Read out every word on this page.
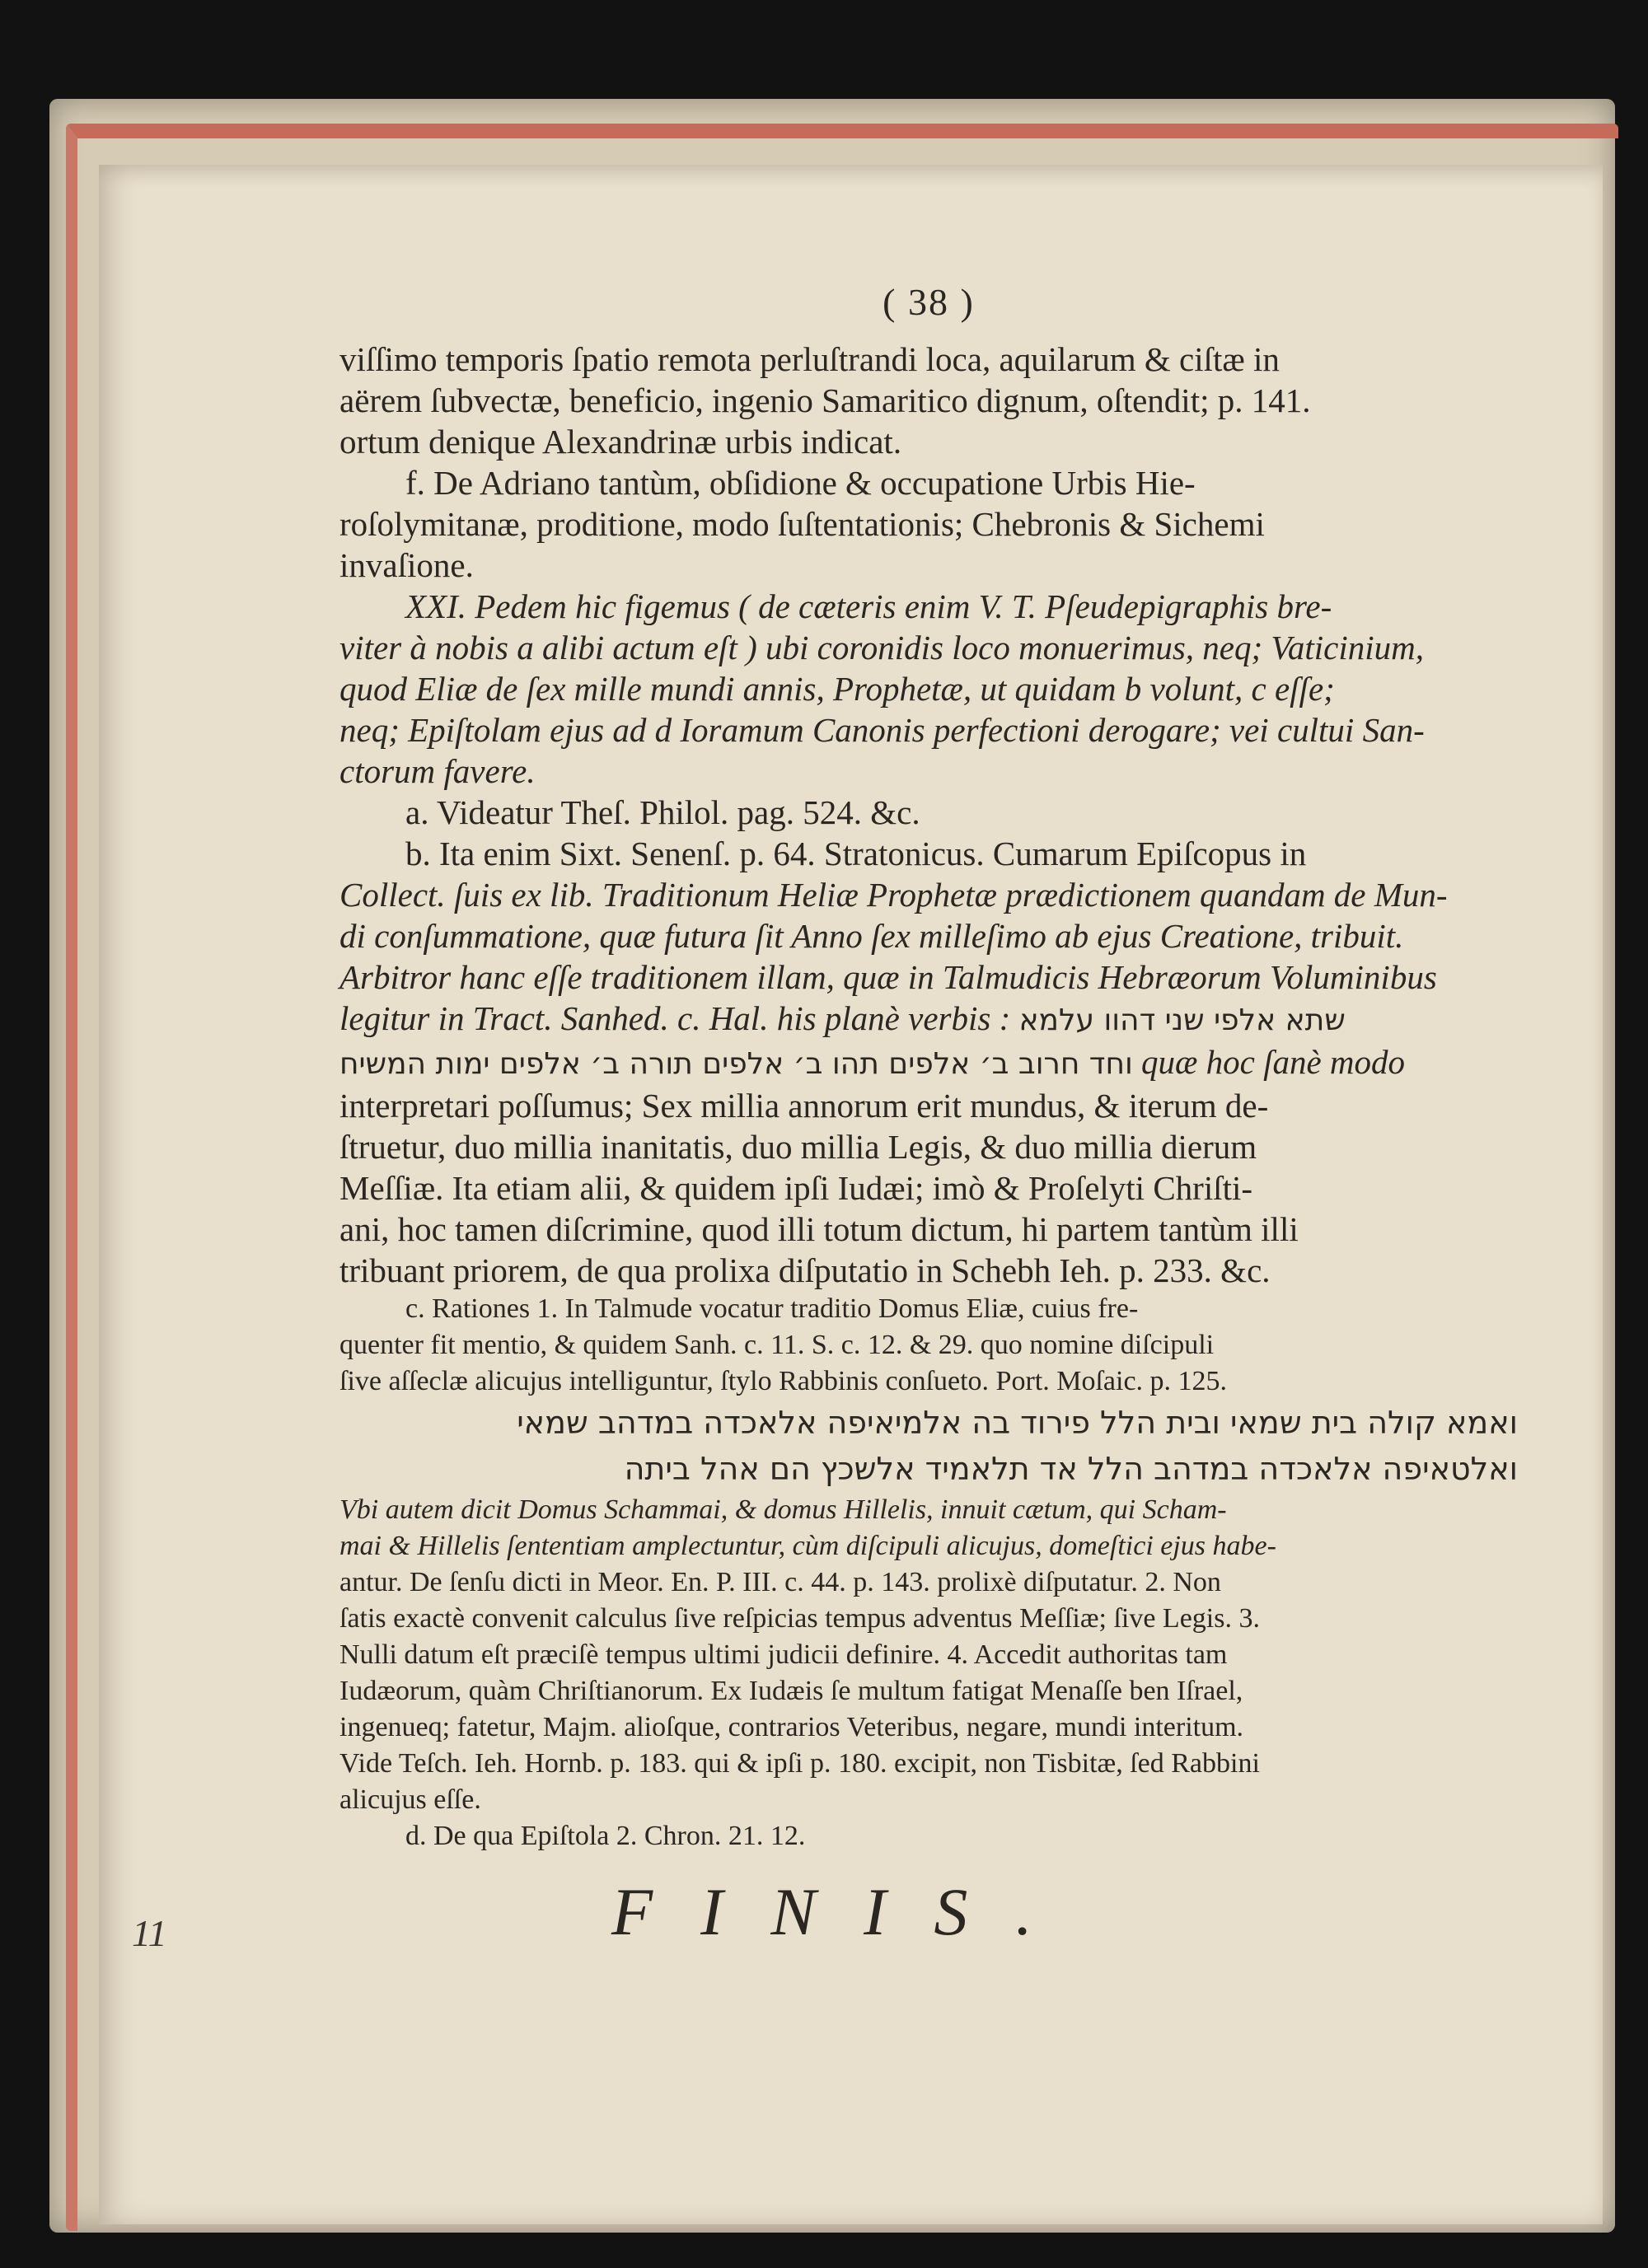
11
( 38 )
viſſimo temporis ſpatio remota perluſtrandi loca, aquilarum & ciſtæ in
aërem ſubvectæ, beneficio, ingenio Samaritico dignum, oſtendit; p. 141.
ortum denique Alexandrinæ urbis indicat.
f. De Adriano tantùm, obſidione & occupatione Urbis Hie-
roſolymitanæ, proditione, modo ſuſtentationis; Chebronis & Sichemi
invaſione.
XXI. Pedem hic figemus ( de cæteris enim V. T. Pſeudepigraphis bre-
viter à nobis a alibi actum eſt ) ubi coronidis loco monuerimus, neq; Vaticinium,
quod Eliæ de ſex mille mundi annis, Prophetæ, ut quidam b volunt, c eſſe;
neq; Epiſtolam ejus ad d Ioramum Canonis perfectioni derogare; vei cultui San-
ctorum favere.
a. Videatur Theſ. Philol. pag. 524. &c.
b. Ita enim Sixt. Senenſ. p. 64. Stratonicus. Cumarum Epiſcopus in
Collect. ſuis ex lib. Traditionum Heliæ Prophetæ prædictionem quandam de Mun-
di conſummatione, quæ futura ſit Anno ſex milleſimo ab ejus Creatione, tribuit.
Arbitror hanc eſſe traditionem illam, quæ in Talmudicis Hebræorum Voluminibus
legitur in Tract. Sanhed. c. Hal. his planè verbis : שתא אלפי שני דהוו עלמא
וחד חרוב ב׳ אלפים תהו ב׳ אלפים תורה ב׳ אלפים ימות המשיח quæ hoc ſanè modo
interpretari poſſumus; Sex millia annorum erit mundus, & iterum de-
ſtruetur, duo millia inanitatis, duo millia Legis, & duo millia dierum
Meſſiæ. Ita etiam alii, & quidem ipſi Iudæi; imò & Proſelyti Chriſti-
ani, hoc tamen diſcrimine, quod illi totum dictum, hi partem tantùm illi
tribuant priorem, de qua prolixa diſputatio in Schebh Ieh. p. 233. &c.
c. Rationes 1. In Talmude vocatur traditio Domus Eliæ, cuius fre-
quenter fit mentio, & quidem Sanh. c. 11. S. c. 12. & 29. quo nomine diſcipuli
ſive aſſeclæ alicujus intelliguntur, ſtylo Rabbinis conſueto. Port. Moſaic. p. 125.
ואמא קולה בית שמאי ובית הלל פירוד בה אלמיאיפה אלאכדה במדהב שמאי
ואלטאיפה אלאכדה במדהב הלל אד תלאמיד אלשכץ הם אהל ביתה
Vbi autem dicit Domus Schammai, & domus Hillelis, innuit cætum, qui Scham-
mai & Hillelis ſententiam amplectuntur, cùm diſcipuli alicujus, domeſtici ejus habe-
antur. De ſenſu dicti in Meor. En. P. III. c. 44. p. 143. prolixè diſputatur. 2. Non
ſatis exactè convenit calculus ſive reſpicias tempus adventus Meſſiæ; ſive Legis. 3.
Nulli datum eſt præciſè tempus ultimi judicii definire. 4. Accedit authoritas tam
Iudæorum, quàm Chriſtianorum. Ex Iudæis ſe multum fatigat Menaſſe ben Iſrael,
ingenueq; fatetur, Majm. alioſque, contrarios Veteribus, negare, mundi interitum.
Vide Teſch. Ieh. Hornb. p. 183. qui & ipſi p. 180. excipit, non Tisbitæ, ſed Rabbini
alicujus eſſe.
d. De qua Epiſtola 2. Chron. 21. 12.
FINIS.
